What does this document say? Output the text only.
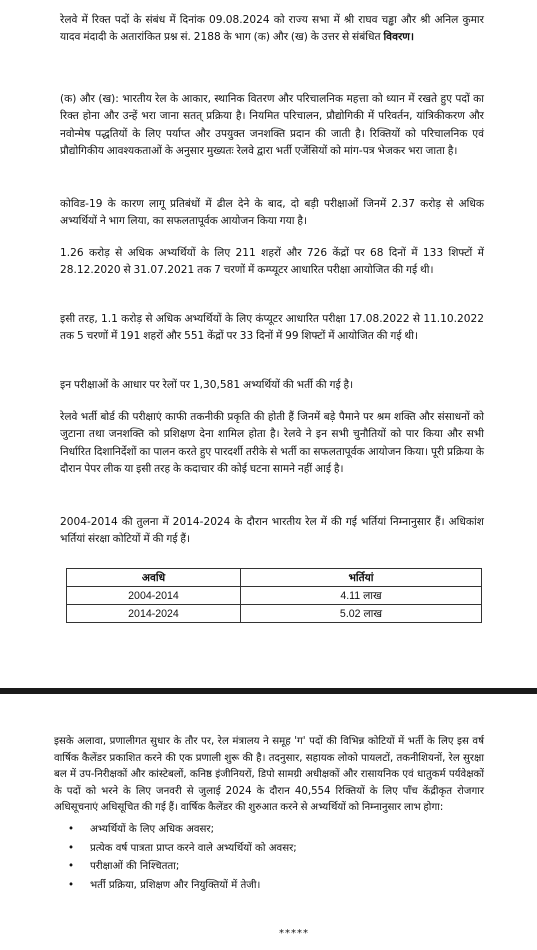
रेलवे में रिक्त पदों के संबंध में दिनांक 09.08.2024 को राज्य सभा में श्री राघव चड्ढा और श्री अनिल कुमार यादव मंदादी के अतारांकित प्रश्न सं. 2188 के भाग (क) और (ख) के उत्तर से संबंधित विवरण।

(क) और (ख): भारतीय रेल के आकार, स्थानिक वितरण और परिचालनिक महत्ता को ध्यान में रखते हुए पदों का रिक्त होना और उन्हें भरा जाना सतत् प्रक्रिया है। नियमित परिचालन, प्रौद्योगिकी में परिवर्तन, यांत्रिकीकरण और नवोन्मेष पद्धतियों के लिए पर्याप्त और उपयुक्त जनशक्ति प्रदान की जाती है। रिक्तियों को परिचालनिक एवं प्रौद्योगिकीय आवश्यकताओं के अनुसार मुख्यतः रेलवे द्वारा भर्ती एजेंसियों को मांग-पत्र भेजकर भरा जाता है।

कोविड-19 के कारण लागू प्रतिबंधों में ढील देने के बाद, दो बड़ी परीक्षाओं जिनमें 2.37 करोड़ से अधिक अभ्यर्थियों ने भाग लिया, का सफलतापूर्वक आयोजन किया गया है।

1.26 करोड़ से अधिक अभ्यर्थियों के लिए 211 शहरों और 726 केंद्रों पर 68 दिनों में 133 शिफ्टों में 28.12.2020 से 31.07.2021 तक 7 चरणों में कम्प्यूटर आधारित परीक्षा आयोजित की गई थी।

इसी तरह, 1.1 करोड़ से अधिक अभ्यर्थियों के लिए कंप्यूटर आधारित परीक्षा 17.08.2022 से 11.10.2022 तक 5 चरणों में 191 शहरों और 551 केंद्रों पर 33 दिनों में 99 शिफ्टों में आयोजित की गई थी।

इन परीक्षाओं के आधार पर रेलों पर 1,30,581 अभ्यर्थियों की भर्ती की गई है।

रेलवे भर्ती बोर्ड की परीक्षाएं काफी तकनीकी प्रकृति की होती हैं जिनमें बड़े पैमाने पर श्रम शक्ति और संसाधनों को जुटाना तथा जनशक्ति को प्रशिक्षण देना शामिल होता है। रेलवे ने इन सभी चुनौतियों को पार किया और सभी निर्धारित दिशानिर्देशों का पालन करते हुए पारदर्शी तरीके से भर्ती का सफलतापूर्वक आयोजन किया। पूरी प्रक्रिया के दौरान पेपर लीक या इसी तरह के कदाचार की कोई घटना सामने नहीं आई है।

2004-2014 की तुलना में 2014-2024 के दौरान भारतीय रेल में की गई भर्तियां निम्नानुसार हैं। अधिकांश भर्तियां संरक्षा कोटियों में की गई हैं।

अवधि	भर्तियां
2004-2014	4.11 लाख
2014-2024	5.02 लाख

इसके अलावा, प्रणालीगत सुधार के तौर पर, रेल मंत्रालय ने समूह 'ग' पदों की विभिन्न कोटियों में भर्ती के लिए इस वर्ष वार्षिक कैलेंडर प्रकाशित करने की एक प्रणाली शुरू की है। तदनुसार, सहायक लोको पायलटों, तकनीशियनों, रेल सुरक्षा बल में उप-निरीक्षकों और कांस्टेबलों, कनिष्ठ इंजीनियरों, डिपो सामग्री अधीक्षकों और रासायनिक एवं धातुकर्म पर्यवेक्षकों के पदों को भरने के लिए जनवरी से जुलाई 2024 के दौरान 40,554 रिक्तियों के लिए पाँच केंद्रीकृत रोजगार अधिसूचनाएं अधिसूचित की गई हैं। वार्षिक कैलेंडर की शुरुआत करने से अभ्यर्थियों को निम्नानुसार लाभ होगा:

• अभ्यर्थियों के लिए अधिक अवसर;
• प्रत्येक वर्ष पात्रता प्राप्त करने वाले अभ्यर्थियों को अवसर;
• परीक्षाओं की निश्चितता;
• भर्ती प्रक्रिया, प्रशिक्षण और नियुक्तियों में तेजी।
*****
